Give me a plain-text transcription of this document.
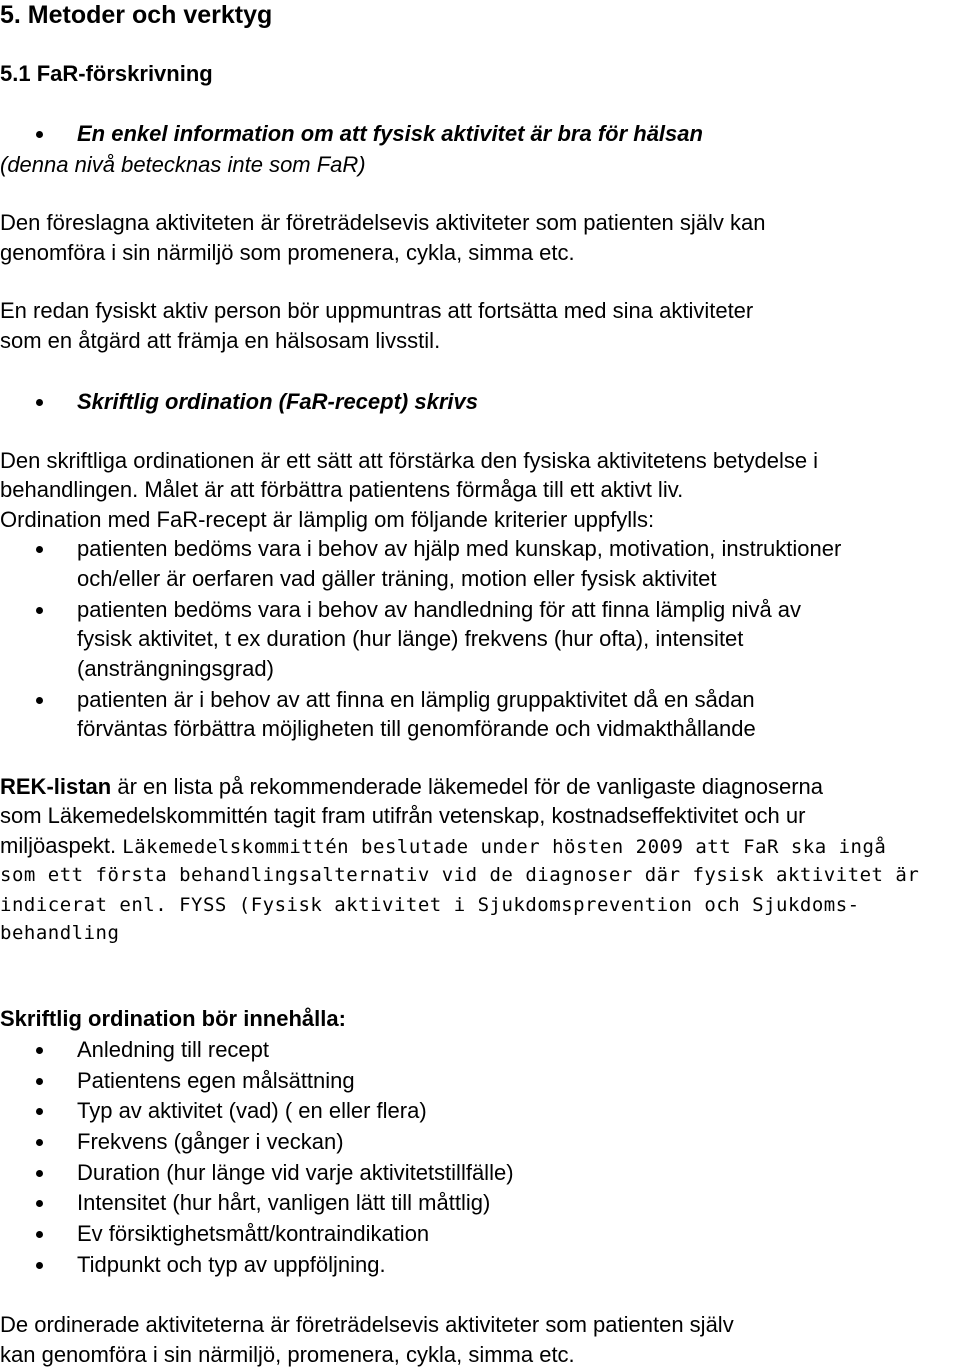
5. Metoder och verktyg
5.1 FaR-förskrivning
En enkel information om att fysisk aktivitet är bra för hälsan
(denna nivå betecknas inte som FaR)
Den föreslagna aktiviteten är företrädelsevis aktiviteter som patienten själv kan
genomföra i sin närmiljö som promenera, cykla, simma etc.
En redan fysiskt aktiv person bör uppmuntras att fortsätta med sina aktiviteter
som en åtgärd att främja en hälsosam livsstil.
Skriftlig ordination (FaR-recept) skrivs
Den skriftliga ordinationen är ett sätt att förstärka den fysiska aktivitetens betydelse i
behandlingen. Målet är att förbättra patientens förmåga till ett aktivt liv.
Ordination med FaR-recept är lämplig om följande kriterier uppfylls:
patienten bedöms vara i behov av hjälp med kunskap, motivation, instruktioner
och/eller är oerfaren vad gäller träning, motion eller fysisk aktivitet
patienten bedöms vara i behov av handledning för att finna lämplig nivå av
fysisk aktivitet, t ex duration (hur länge) frekvens (hur ofta), intensitet
(ansträngningsgrad)
patienten är i behov av att finna en lämplig gruppaktivitet då en sådan
förväntas förbättra möjligheten till genomförande och vidmakthållande
REK-listan är en lista på rekommenderade läkemedel för de vanligaste diagnoserna
som Läkemedelskommittén tagit fram utifrån vetenskap, kostnadseffektivitet och ur
miljöaspekt. Läkemedelskommittén beslutade under hösten 2009 att FaR ska ingå
som ett första behandlingsalternativ vid de diagnoser där fysisk aktivitet är
indicerat enl. FYSS (Fysisk aktivitet i Sjukdomsprevention och Sjukdoms-
behandling
Skriftlig ordination bör innehålla:
Anledning till recept
Patientens egen målsättning
Typ av aktivitet (vad) ( en eller flera)
Frekvens (gånger i veckan)
Duration (hur länge vid varje aktivitetstillfälle)
Intensitet (hur hårt, vanligen lätt till måttlig)
Ev försiktighetsmått/kontraindikation
Tidpunkt och typ av uppföljning.
De ordinerade aktiviteterna är företrädelsevis aktiviteter som patienten själv
kan genomföra i sin närmiljö, promenera, cykla, simma etc.
